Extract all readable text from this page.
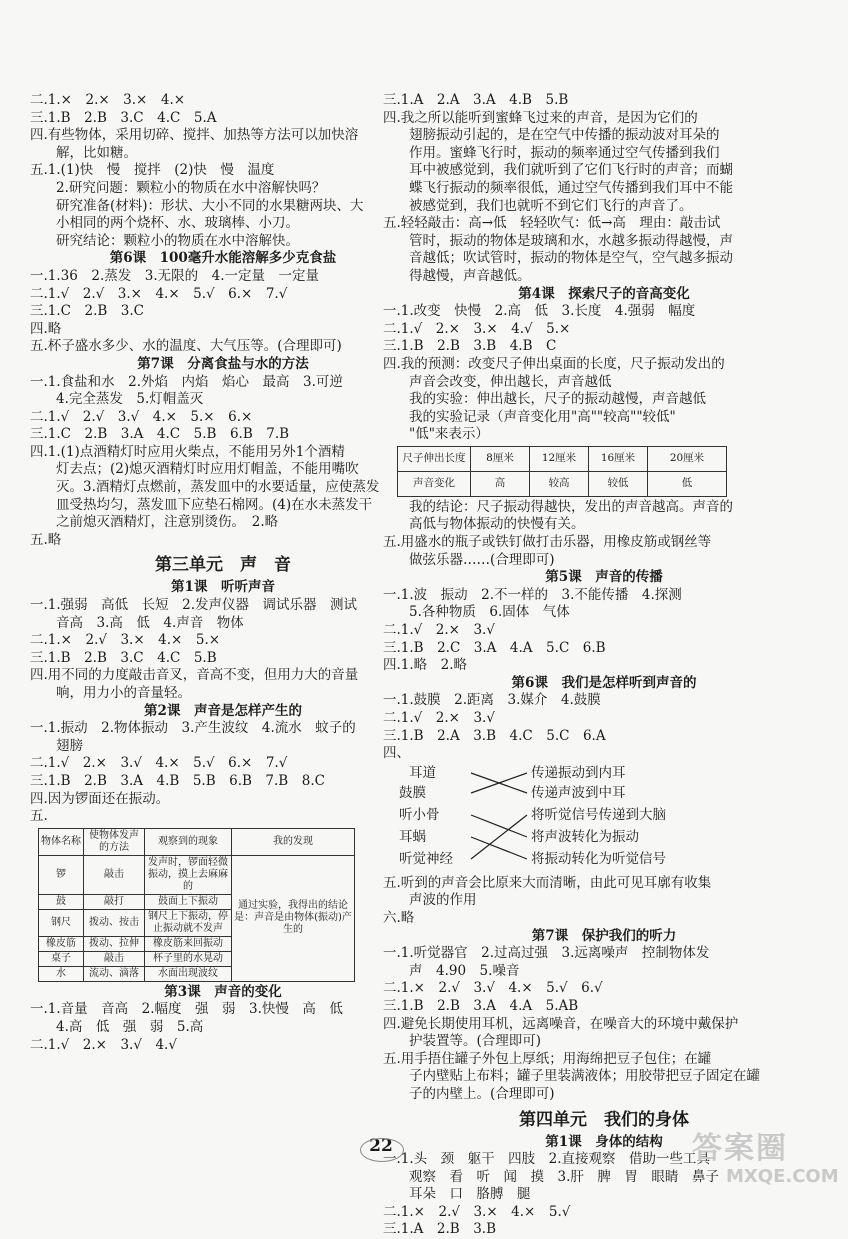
二.1.×　2.×　3.×　4.×
三.1.B　2.B　3.C　4.C　5.A
四.有些物体，采用切碎、搅拌、加热等方法可以加快溶
解，比如糖。
五.1.(1)快　慢　搅拌　(2)快　慢　温度
2.研究问题：颗粒小的物质在水中溶解快吗？
研究准备(材料)：形状、大小不同的水果糖两块、大
小相同的两个烧杯、水、玻璃棒、小刀。
研究结论：颗粒小的物质在水中溶解快。
第6课　100毫升水能溶解多少克食盐
一.1.36　2.蒸发　3.无限的　4.一定量　一定量
二.1.√　2.√　3.×　4.×　5.√　6.×　7.√
三.1.C　2.B　3.C
四.略
五.杯子盛水多少、水的温度、大气压等。(合理即可)
第7课　分离食盐与水的方法
一.1.食盐和水　2.外焰　内焰　焰心　最高　3.可逆
4.完全蒸发　5.灯帽盖灭
二.1.√　2.√　3.√　4.×　5.×　6.×
三.1.C　2.B　3.A　4.C　5.B　6.B　7.B
四.1.(1)点酒精灯时应用火柴点，不能用另外1个酒精
灯去点；(2)熄灭酒精灯时应用灯帽盖，不能用嘴吹
灭。3.酒精灯点燃前，蒸发皿中的水要适量，应使蒸发
皿受热均匀，蒸发皿下应垫石棉网。(4)在水未蒸发干
之前熄灭酒精灯，注意别烫伤。　2.略
五.略
第三单元　声　音
第1课　听听声音
一.1.强弱　高低　长短　2.发声仪器　调试乐器　测试
音高　3.高　低　4.声音　物体
二.1.×　2.√　3.×　4.×　5.×
三.1.B　2.B　3.C　4.C　5.B
四.用不同的力度敲击音叉，音高不变，但用力大的音量
响，用力小的音量轻。
第2课　声音是怎样产生的
一.1.振动　2.物体振动　3.产生波纹　4.流水　蚊子的
翅膀
二.1.√　2.×　3.√　4.×　5.√　6.×　7.√
三.1.B　2.B　3.A　4.B　5.B　6.B　7.B　8.C
四.因为锣面还在振动。
五.
物体名称	使物体发声的方法	观察到的现象	我的发现
锣	敲击	发声时，锣面轻微振动，摸上去麻麻的	通过实验，我得出的结论是：声音是由物体(振动)产生的
鼓	敲打	鼓面上下振动	
钢尺	拨动、按击	钢尺上下振动，停止振动就不发声	
橡皮筋	拨动、拉伸	橡皮筋来回振动	
桌子	敲击	杯子里的水晃动	
水	流动、滴落	水面出现波纹	
第3课　声音的变化
一.1.音量　音高　2.幅度　强　弱　3.快慢　高　低
4.高　低　强　弱　5.高
二.1.√　2.×　3.√　4.√
三.1.A　2.A　3.A　4.B　5.B
四.我之所以能听到蜜蜂飞过来的声音，是因为它们的
翅膀振动引起的，是在空气中传播的振动波对耳朵的
作用。蜜蜂飞行时，振动的频率通过空气传播到我们
耳中被感觉到，我们就听到了它们飞行时的声音；而蝴
蝶飞行振动的频率很低，通过空气传播到我们耳中不能
被感觉到，我们也就听不到它们飞行的声音了。
五.轻轻敲击：高→低　轻轻吹气：低→高　理由：敲击试
管时，振动的物体是玻璃和水，水越多振动得越慢，声
音越低；吹试管时，振动的物体是空气，空气越多振动
得越慢，声音越低。
第4课　探索尺子的音高变化
一.1.改变　快慢　2.高　低　3.长度　4.强弱　幅度
二.1.√　2.×　3.×　4.√　5.×
三.1.B　2.B　3.B　4.B　C
四.我的预测：改变尺子伸出桌面的长度，尺子振动发出的
声音会改变，伸出越长，声音越低
我的实验：伸出越长，尺子的振动越慢，声音越低
我的实验记录（声音变化用"高""较高""较低"
"低"来表示）
尺子伸出长度	8厘米	12厘米	16厘米	20厘米
声音变化	高	较高	较低	低
我的结论：尺子振动得越快，发出的声音越高。声音的
高低与物体振动的快慢有关。
五.用盛水的瓶子或铁钉做打击乐器，用橡皮筋或钢丝等
做弦乐器……(合理即可)
第5课　声音的传播
一.1.波　振动　2.不一样的　3.不能传播　4.探测
5.各种物质　6.固体　气体
二.1.√　2.×　3.√
三.1.B　2.C　3.A　4.A　5.C　6.B
四.1.略　2.略
第6课　我们是怎样听到声音的
一.1.鼓膜　2.距离　3.媒介　4.鼓膜
二.1.√　2.×　3.√
三.1.B　2.A　3.B　4.C　5.C　6.A
四、
耳道
鼓膜
听小骨
耳蜗
听觉神经
传递振动到内耳
传递声波到中耳
将听觉信号传递到大脑
将声波转化为振动
将振动转化为听觉信号
五.听到的声音会比原来大而清晰，由此可见耳廓有收集
声波的作用
六.略
第7课　保护我们的听力
一.1.听觉器官　2.过高过强　3.远离噪声　控制物体发
声　4.90　5.噪音
二.1.×　2.√　3.√　4.×　5.√　6.√
三.1.B　2.B　3.A　4.A　5.AB
四.避免长期使用耳机，远离噪音，在噪音大的环境中戴保护
护装置等。(合理即可)
五.用手捂住罐子外包上厚纸；用海绵把豆子包住；在罐
子内壁贴上布料；罐子里装满液体；用胶带把豆子固定在罐
子的内壁上。(合理即可)
第四单元　我们的身体
第1课　身体的结构
一.1.头　颈　躯干　四肢　2.直接观察　借助一些工具
观察　看　听　闻　摸　3.肝　脾　胃　眼睛　鼻子
耳朵　口　胳膊　腿
二.1.×　2.√　3.×　4.×　5.√
三.1.A　2.B　3.B
22	答案圈
MXQE.COM
